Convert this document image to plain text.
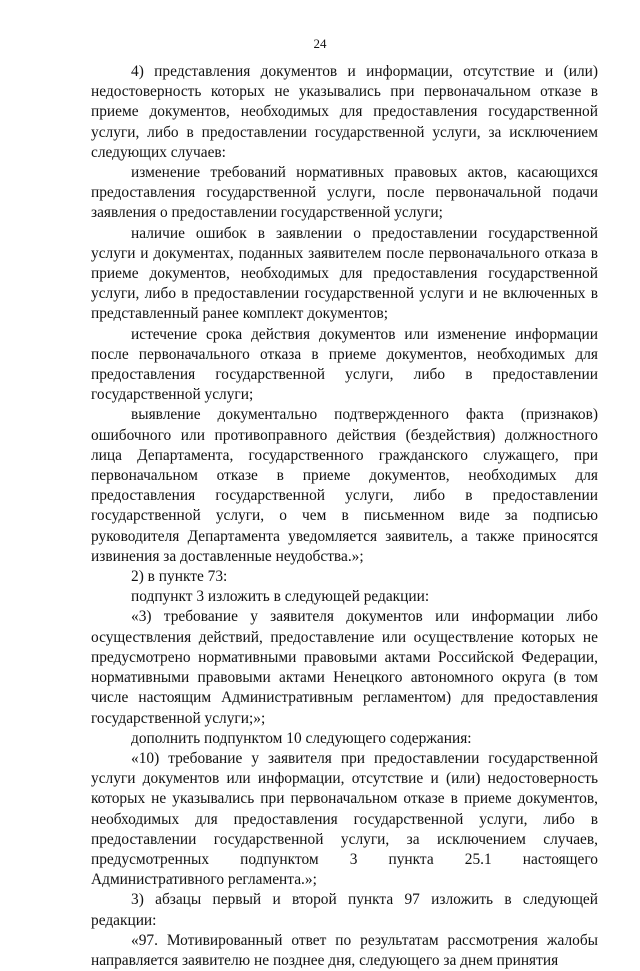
24

4) представления документов и информации, отсутствие и (или) недостоверность которых не указывались при первоначальном отказе в приеме документов, необходимых для предоставления государственной услуги, либо в предоставлении государственной услуги, за исключением следующих случаев:

изменение требований нормативных правовых актов, касающихся предоставления государственной услуги, после первоначальной подачи заявления о предоставлении государственной услуги;

наличие ошибок в заявлении о предоставлении государственной услуги и документах, поданных заявителем после первоначального отказа в приеме документов, необходимых для предоставления государственной услуги, либо в предоставлении государственной услуги и не включенных в представленный ранее комплект документов;

истечение срока действия документов или изменение информации после первоначального отказа в приеме документов, необходимых для предоставления государственной услуги, либо в предоставлении государственной услуги;

выявление документально подтвержденного факта (признаков) ошибочного или противоправного действия (бездействия) должностного лица Департамента, государственного гражданского служащего, при первоначальном отказе в приеме документов, необходимых для предоставления государственной услуги, либо в предоставлении государственной услуги, о чем в письменном виде за подписью руководителя Департамента уведомляется заявитель, а также приносятся извинения за доставленные неудобства.»;

2) в пункте 73:

подпункт 3 изложить в следующей редакции:

«3) требование у заявителя документов или информации либо осуществления действий, предоставление или осуществление которых не предусмотрено нормативными правовыми актами Российской Федерации, нормативными правовыми актами Ненецкого автономного округа (в том числе настоящим Административным регламентом) для предоставления государственной услуги;»;

дополнить подпунктом 10 следующего содержания:

«10) требование у заявителя при предоставлении государственной услуги документов или информации, отсутствие и (или) недостоверность которых не указывались при первоначальном отказе в приеме документов, необходимых для предоставления государственной услуги, либо в предоставлении государственной услуги, за исключением случаев, предусмотренных подпунктом 3 пункта 25.1 настоящего Административного регламента.»;

3) абзацы первый и второй пункта 97 изложить в следующей редакции:

«97. Мотивированный ответ по результатам рассмотрения жалобы направляется заявителю не позднее дня, следующего за днем принятия
